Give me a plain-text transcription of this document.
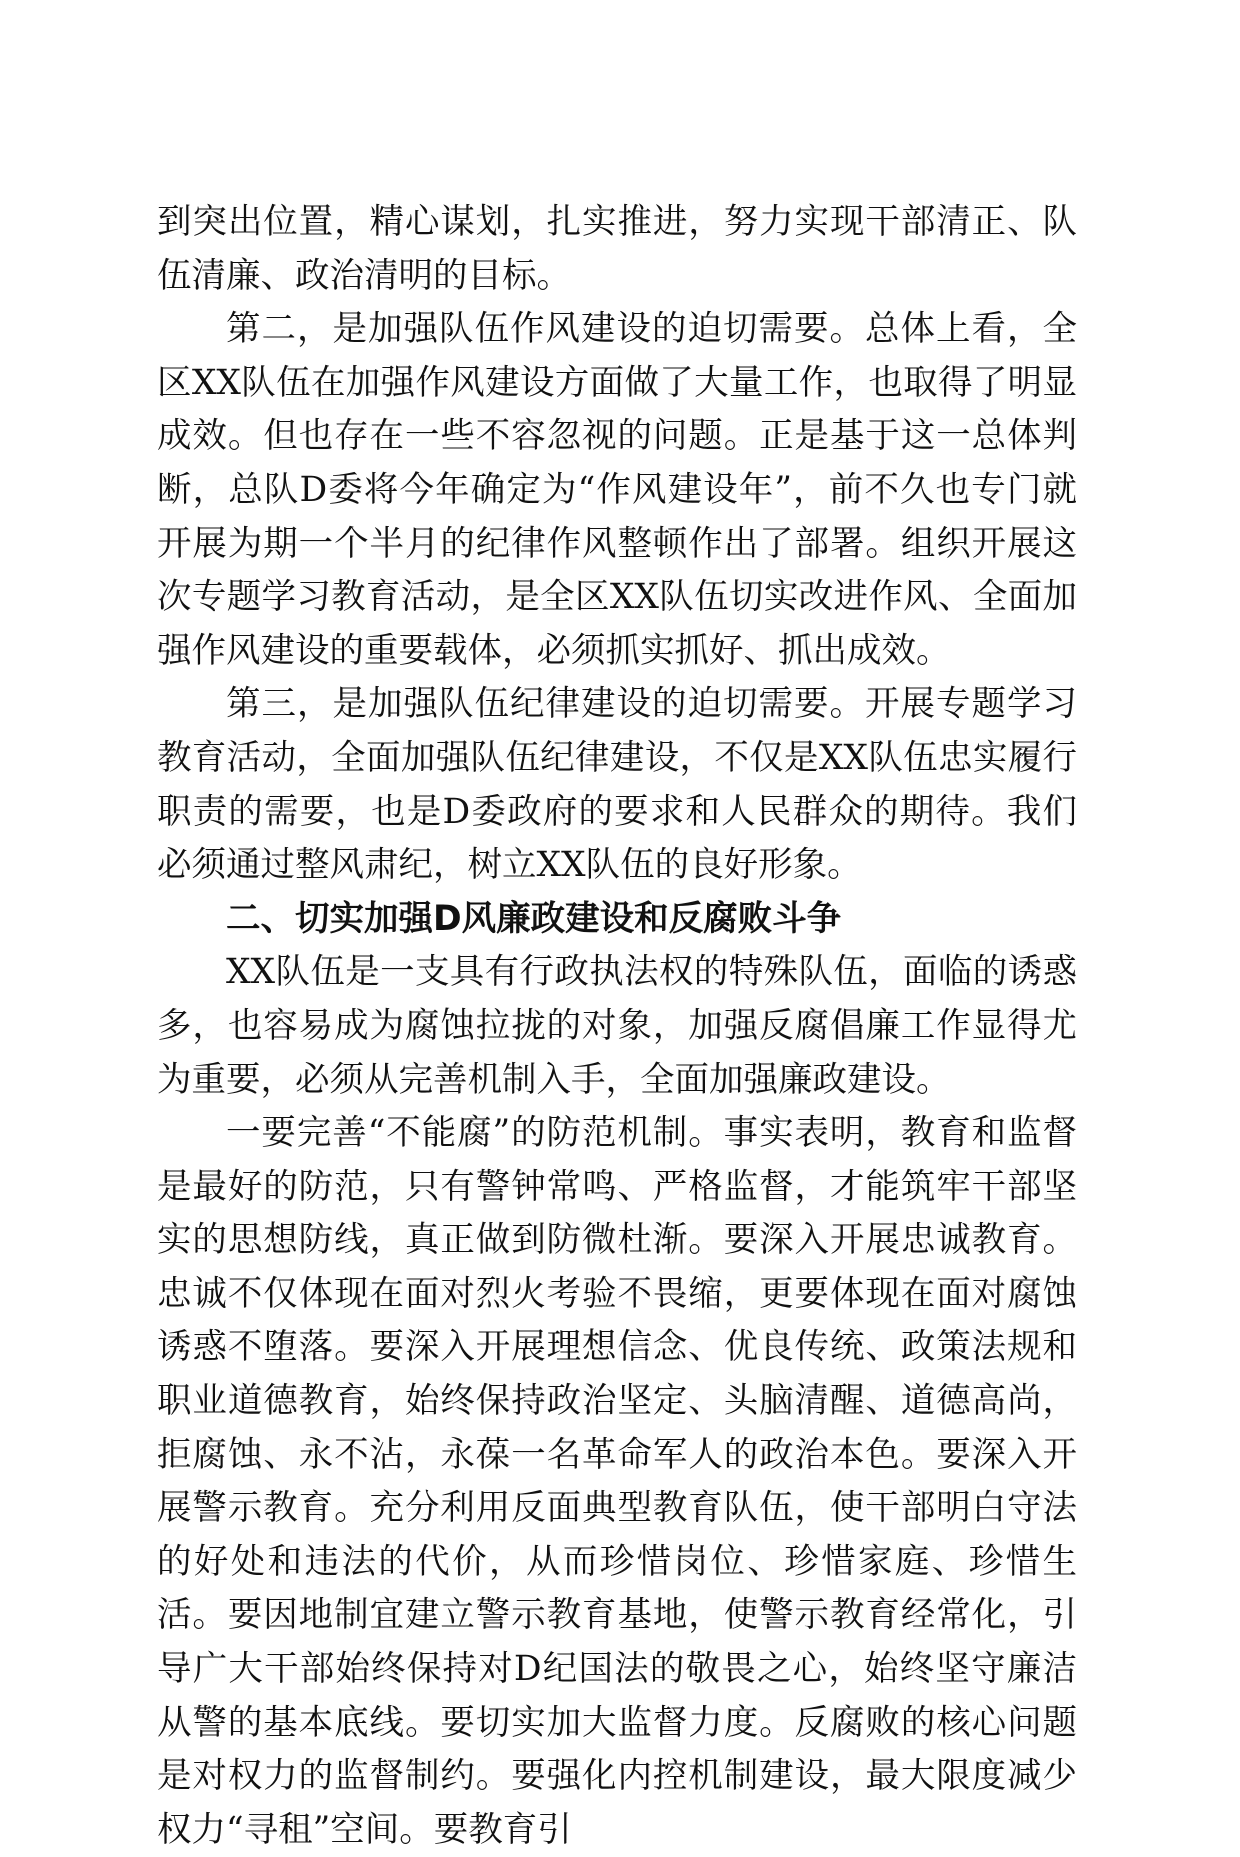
到突出位置，精心谋划，扎实推进，努力实现干部清正、队伍清廉、政治清明的目标。

第二，是加强队伍作风建设的迫切需要。总体上看，全区XX队伍在加强作风建设方面做了大量工作，也取得了明显成效。但也存在一些不容忽视的问题。正是基于这一总体判断，总队D委将今年确定为“作风建设年”，前不久也专门就开展为期一个半月的纪律作风整顿作出了部署。组织开展这次专题学习教育活动，是全区XX队伍切实改进作风、全面加强作风建设的重要载体，必须抓实抓好、抓出成效。

第三，是加强队伍纪律建设的迫切需要。开展专题学习教育活动，全面加强队伍纪律建设，不仅是XX队伍忠实履行职责的需要，也是D委政府的要求和人民群众的期待。我们必须通过整风肃纪，树立XX队伍的良好形象。

二、切实加强D风廉政建设和反腐败斗争

XX队伍是一支具有行政执法权的特殊队伍，面临的诱惑多，也容易成为腐蚀拉拢的对象，加强反腐倡廉工作显得尤为重要，必须从完善机制入手，全面加强廉政建设。

一要完善“不能腐”的防范机制。事实表明，教育和监督是最好的防范，只有警钟常鸣、严格监督，才能筑牢干部坚实的思想防线，真正做到防微杜渐。要深入开展忠诚教育。忠诚不仅体现在面对烈火考验不畏缩，更要体现在面对腐蚀诱惑不堕落。要深入开展理想信念、优良传统、政策法规和职业道德教育，始终保持政治坚定、头脑清醒、道德高尚，拒腐蚀、永不沾，永葆一名革命军人的政治本色。要深入开展警示教育。充分利用反面典型教育队伍，使干部明白守法的好处和违法的代价，从而珍惜岗位、珍惜家庭、珍惜生活。要因地制宜建立警示教育基地，使警示教育经常化，引导广大干部始终保持对D纪国法的敬畏之心，始终坚守廉洁从警的基本底线。要切实加大监督力度。反腐败的核心问题是对权力的监督制约。要强化内控机制建设，最大限度减少权力“寻租”空间。要教育引
